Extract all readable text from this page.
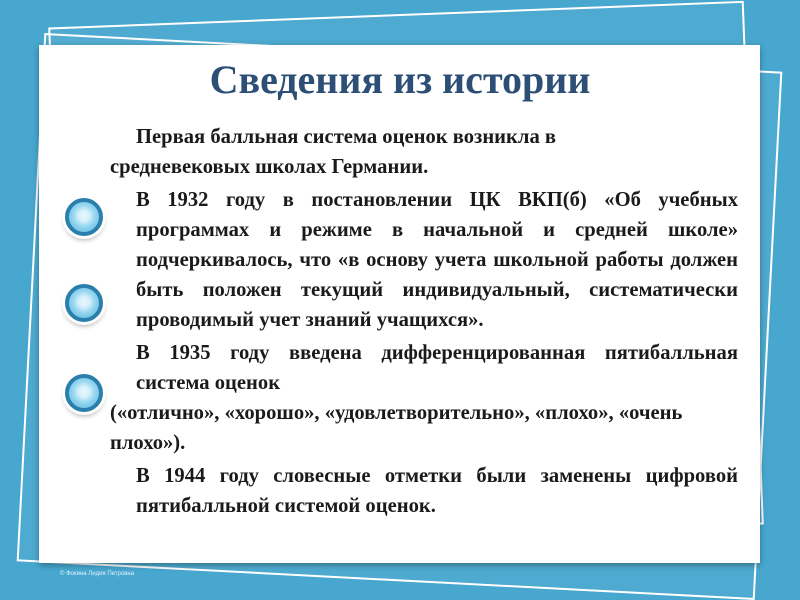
Сведения из истории
Первая балльная система оценок возникла в
средневековых школах Германии.
В 1932 году в постановлении ЦК ВКП(б) «Об учебных программах и режиме в начальной и средней школе» подчеркивалось, что «в основу учета школьной работы должен быть положен текущий индивидуальный, систематически проводимый учет знаний учащихся».
В 1935 году введена дифференцированная пятибалльная система оценок
(«отлично», «хорошо», «удовлетворительно», «плохо», «очень плохо»).
В 1944 году словесные отметки были заменены цифровой пятибалльной системой оценок.
© Фокина Лидия Петровна
